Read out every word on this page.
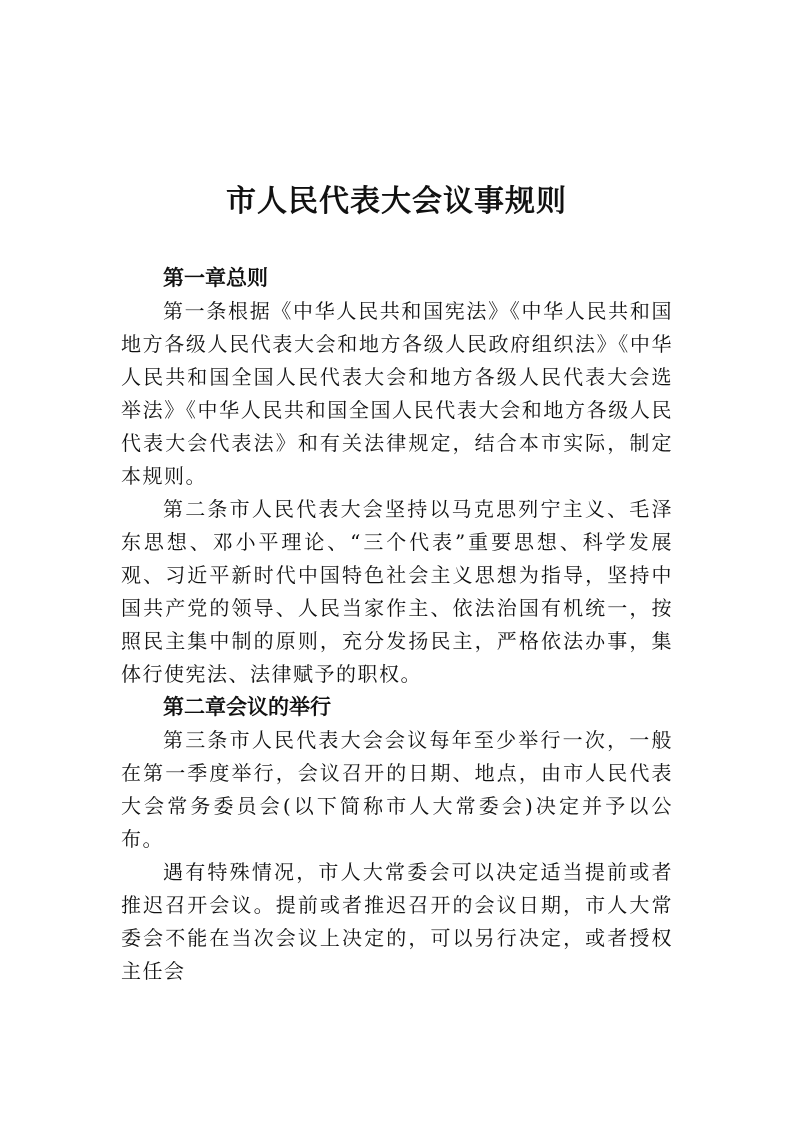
市人民代表大会议事规则
第一章总则

第一条根据《中华人民共和国宪法》《中华人民共和国地方各级人民代表大会和地方各级人民政府组织法》《中华人民共和国全国人民代表大会和地方各级人民代表大会选举法》《中华人民共和国全国人民代表大会和地方各级人民代表大会代表法》和有关法律规定，结合本市实际，制定本规则。

第二条市人民代表大会坚持以马克思列宁主义、毛泽东思想、邓小平理论、“三个代表”重要思想、科学发展观、习近平新时代中国特色社会主义思想为指导，坚持中国共产党的领导、人民当家作主、依法治国有机统一，按照民主集中制的原则，充分发扬民主，严格依法办事，集体行使宪法、法律赋予的职权。

第二章会议的举行

第三条市人民代表大会会议每年至少举行一次，一般在第一季度举行，会议召开的日期、地点，由市人民代表大会常务委员会(以下简称市人大常委会)决定并予以公布。

遇有特殊情况，市人大常委会可以决定适当提前或者推迟召开会议。提前或者推迟召开的会议日期，市人大常委会不能在当次会议上决定的，可以另行决定，或者授权主任会
